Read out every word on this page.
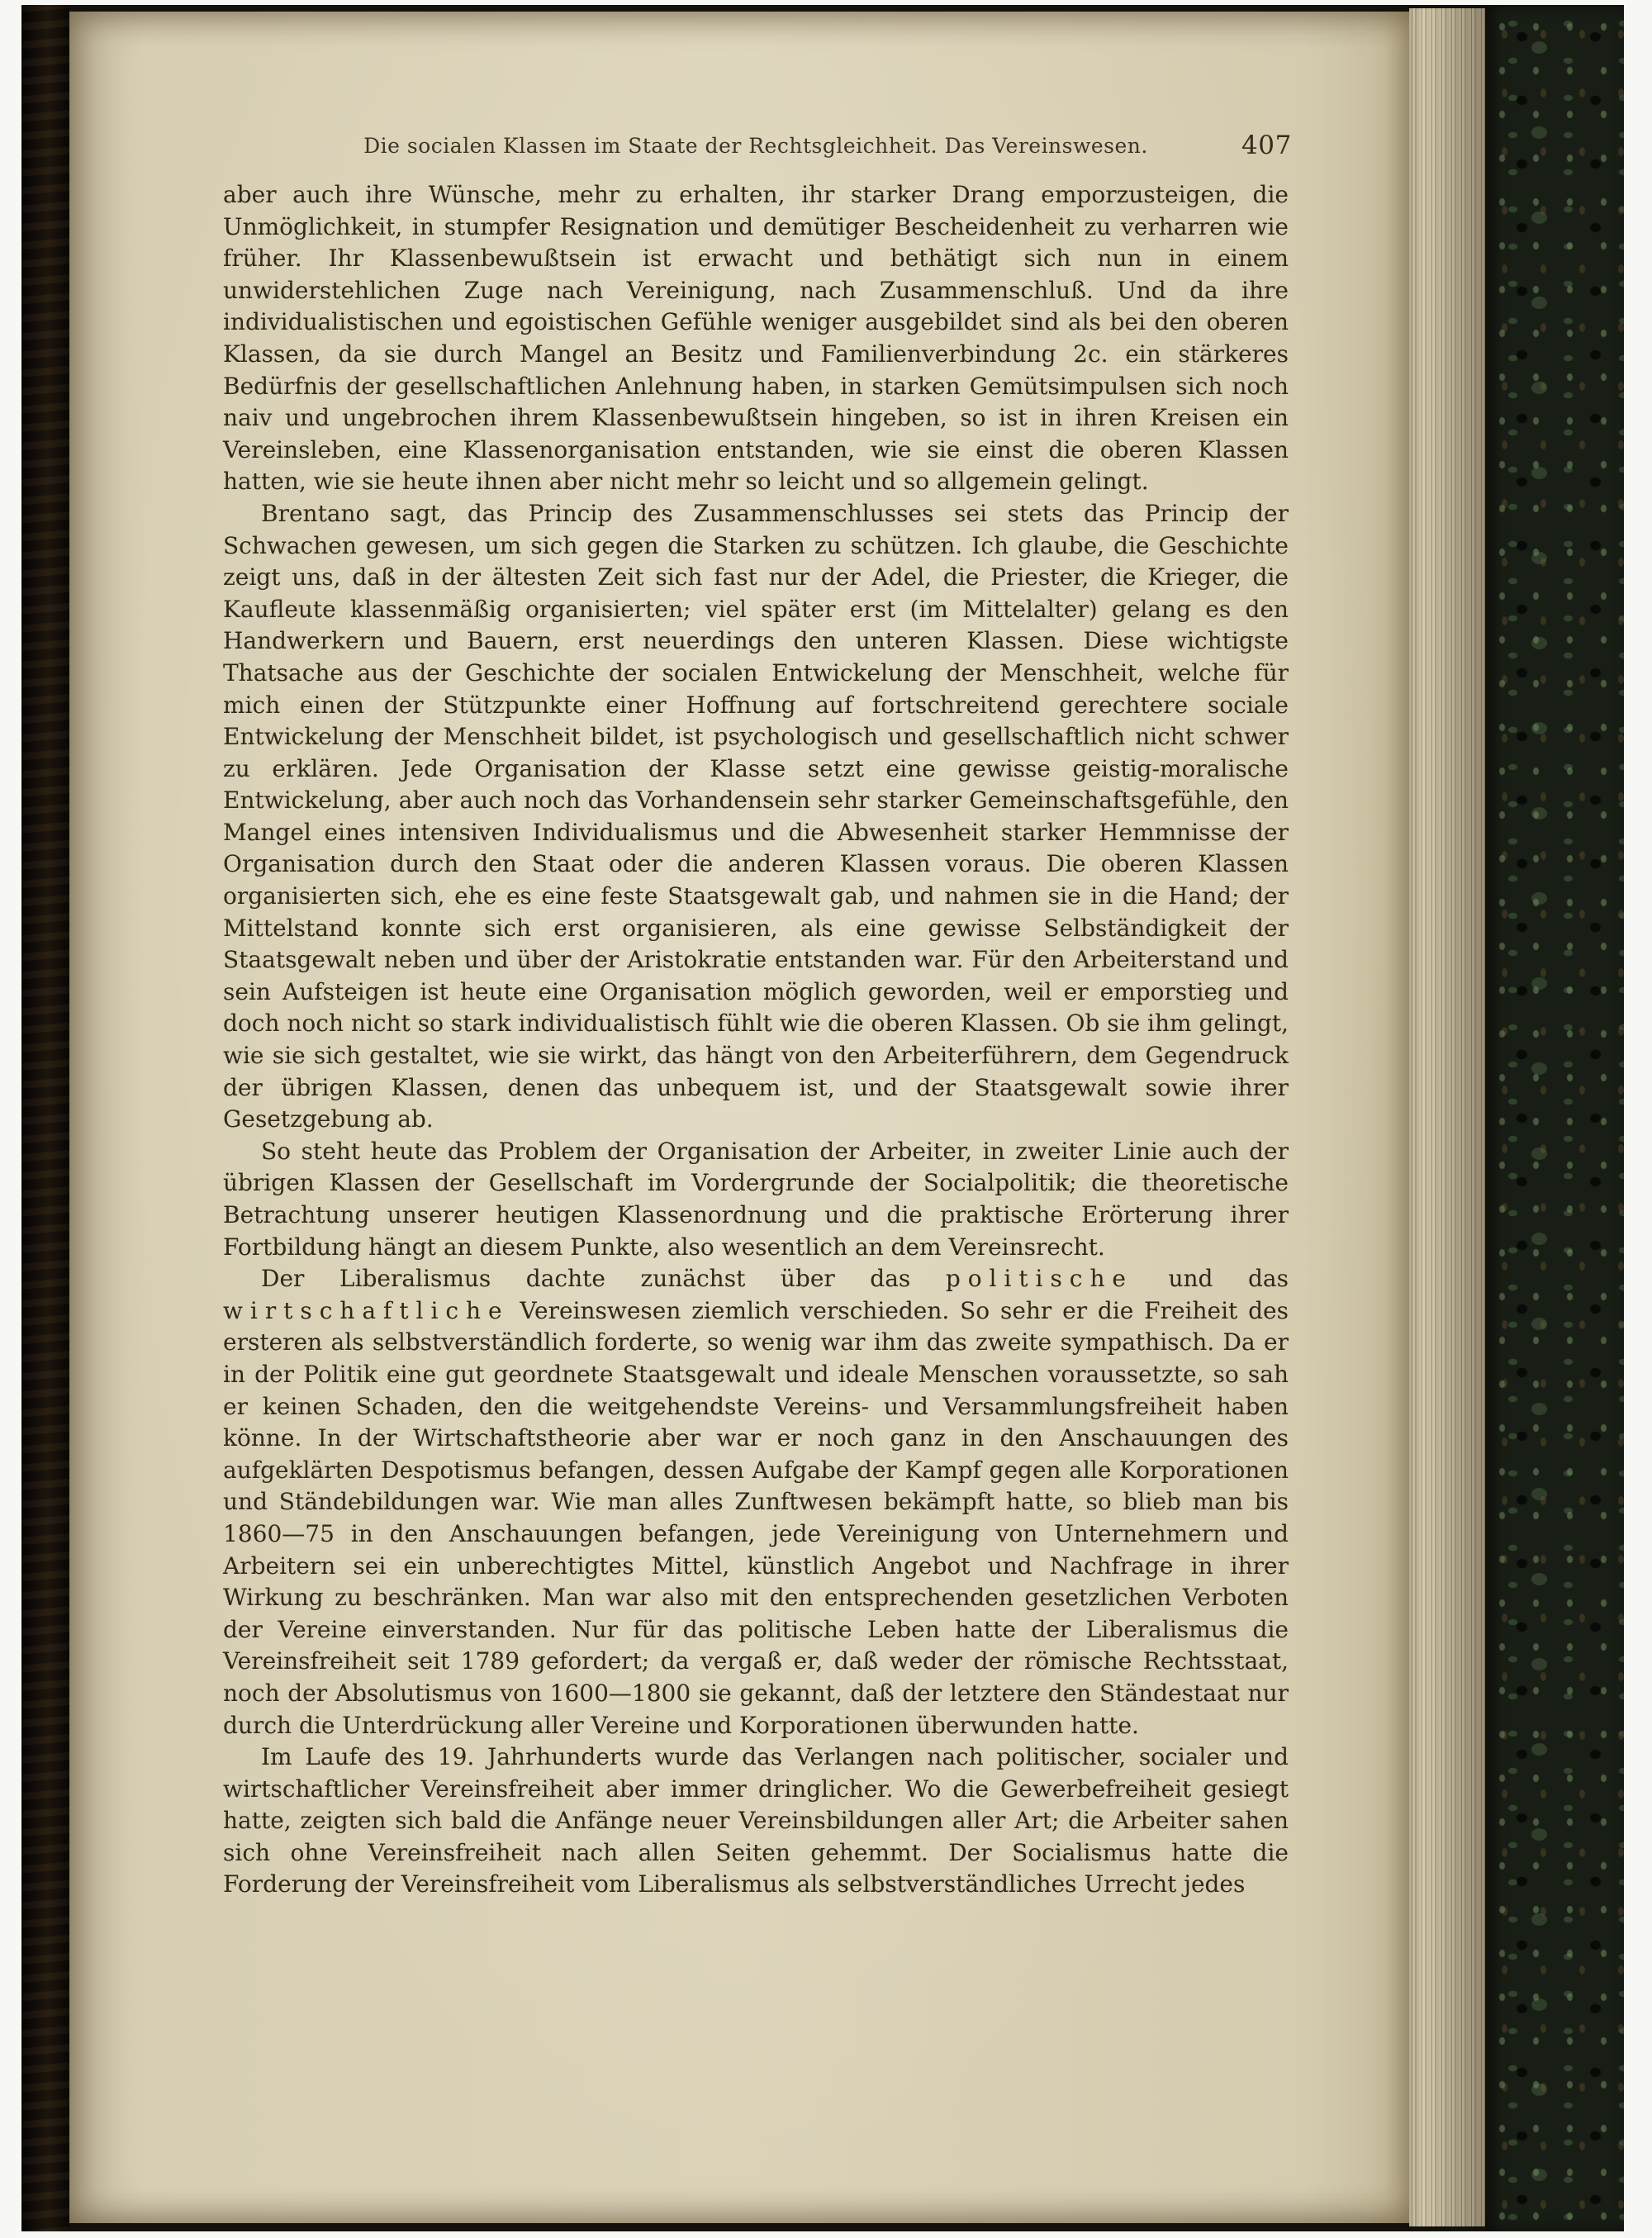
Die socialen Klassen im Staate der Rechtsgleichheit. Das Vereinswesen.	407

aber auch ihre Wünsche, mehr zu erhalten, ihr starker Drang emporzusteigen, die Unmöglichkeit, in stumpfer Resignation und demütiger Bescheidenheit zu verharren wie früher. Ihr Klassenbewußtsein ist erwacht und bethätigt sich nun in einem unwiderstehlichen Zuge nach Vereinigung, nach Zusammenschluß. Und da ihre individualistischen und egoistischen Gefühle weniger ausgebildet sind als bei den oberen Klassen, da sie durch Mangel an Besitz und Familienverbindung 2c. ein stärkeres Bedürfnis der gesellschaftlichen Anlehnung haben, in starken Gemütsimpulsen sich noch naiv und ungebrochen ihrem Klassenbewußtsein hingeben, so ist in ihren Kreisen ein Vereinsleben, eine Klassenorganisation entstanden, wie sie einst die oberen Klassen hatten, wie sie heute ihnen aber nicht mehr so leicht und so allgemein gelingt.

Brentano sagt, das Princip des Zusammenschlusses sei stets das Princip der Schwachen gewesen, um sich gegen die Starken zu schützen. Ich glaube, die Geschichte zeigt uns, daß in der ältesten Zeit sich fast nur der Adel, die Priester, die Krieger, die Kaufleute klassenmäßig organisierten; viel später erst (im Mittelalter) gelang es den Handwerkern und Bauern, erst neuerdings den unteren Klassen. Diese wichtigste Thatsache aus der Geschichte der socialen Entwickelung der Menschheit, welche für mich einen der Stützpunkte einer Hoffnung auf fortschreitend gerechtere sociale Entwickelung der Menschheit bildet, ist psychologisch und gesellschaftlich nicht schwer zu erklären. Jede Organisation der Klasse setzt eine gewisse geistig-moralische Entwickelung, aber auch noch das Vorhandensein sehr starker Gemeinschaftsgefühle, den Mangel eines intensiven Individualismus und die Abwesenheit starker Hemmnisse der Organisation durch den Staat oder die anderen Klassen voraus. Die oberen Klassen organisierten sich, ehe es eine feste Staatsgewalt gab, und nahmen sie in die Hand; der Mittelstand konnte sich erst organisieren, als eine gewisse Selbständigkeit der Staatsgewalt neben und über der Aristokratie entstanden war. Für den Arbeiterstand und sein Aufsteigen ist heute eine Organisation möglich geworden, weil er emporstieg und doch noch nicht so stark individualistisch fühlt wie die oberen Klassen. Ob sie ihm gelingt, wie sie sich gestaltet, wie sie wirkt, das hängt von den Arbeiterführern, dem Gegendruck der übrigen Klassen, denen das unbequem ist, und der Staatsgewalt sowie ihrer Gesetzgebung ab.

So steht heute das Problem der Organisation der Arbeiter, in zweiter Linie auch der übrigen Klassen der Gesellschaft im Vordergrunde der Socialpolitik; die theoretische Betrachtung unserer heutigen Klassenordnung und die praktische Erörterung ihrer Fortbildung hängt an diesem Punkte, also wesentlich an dem Vereinsrecht.

Der Liberalismus dachte zunächst über das politische und das wirtschaftliche Vereinswesen ziemlich verschieden. So sehr er die Freiheit des ersteren als selbstverständlich forderte, so wenig war ihm das zweite sympathisch. Da er in der Politik eine gut geordnete Staatsgewalt und ideale Menschen voraussetzte, so sah er keinen Schaden, den die weitgehendste Vereins- und Versammlungsfreiheit haben könne. In der Wirtschaftstheorie aber war er noch ganz in den Anschauungen des aufgeklärten Despotismus befangen, dessen Aufgabe der Kampf gegen alle Korporationen und Ständebildungen war. Wie man alles Zunftwesen bekämpft hatte, so blieb man bis 1860—75 in den Anschauungen befangen, jede Vereinigung von Unternehmern und Arbeitern sei ein unberechtigtes Mittel, künstlich Angebot und Nachfrage in ihrer Wirkung zu beschränken. Man war also mit den entsprechenden gesetzlichen Verboten der Vereine einverstanden. Nur für das politische Leben hatte der Liberalismus die Vereinsfreiheit seit 1789 gefordert; da vergaß er, daß weder der römische Rechtsstaat, noch der Absolutismus von 1600—1800 sie gekannt, daß der letztere den Ständestaat nur durch die Unterdrückung aller Vereine und Korporationen überwunden hatte.

Im Laufe des 19. Jahrhunderts wurde das Verlangen nach politischer, socialer und wirtschaftlicher Vereinsfreiheit aber immer dringlicher. Wo die Gewerbefreiheit gesiegt hatte, zeigten sich bald die Anfänge neuer Vereinsbildungen aller Art; die Arbeiter sahen sich ohne Vereinsfreiheit nach allen Seiten gehemmt. Der Socialismus hatte die Forderung der Vereinsfreiheit vom Liberalismus als selbstverständliches Urrecht jedes
